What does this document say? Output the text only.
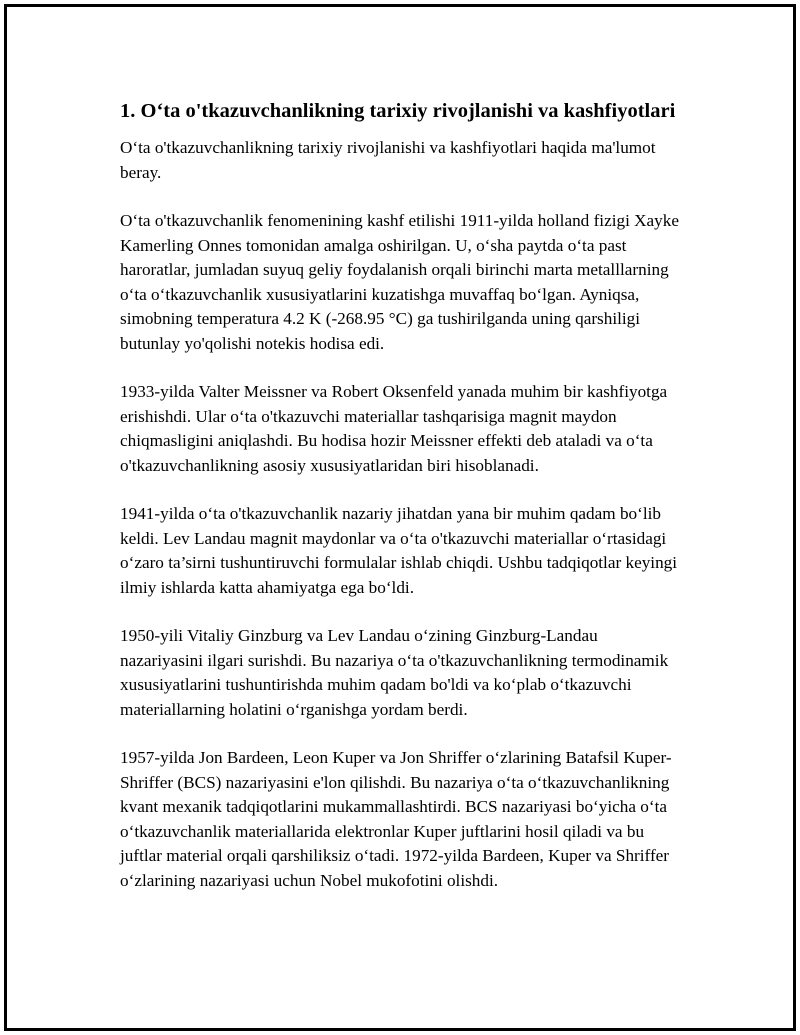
1. O‘ta o'tkazuvchanlikning tarixiy rivojlanishi va kashfiyotlari

O‘ta o'tkazuvchanlikning tarixiy rivojlanishi va kashfiyotlari haqida ma'lumot beray.

O‘ta o'tkazuvchanlik fenomenining kashf etilishi 1911-yilda holland fizigi Xayke Kamerling Onnes tomonidan amalga oshirilgan. U, o‘sha paytda o‘ta past haroratlar, jumladan suyuq geliy foydalanish orqali birinchi marta metalllarning o‘ta o‘tkazuvchanlik xususiyatlarini kuzatishga muvaffaq bo‘lgan. Ayniqsa, simobning temperatura 4.2 K (-268.95 °C) ga tushirilganda uning qarshiligi butunlay yo'qolishi notekis hodisa edi.

1933-yilda Valter Meissner va Robert Oksenfeld yanada muhim bir kashfiyotga erishishdi. Ular o‘ta o'tkazuvchi materiallar tashqarisiga magnit maydon chiqmasligini aniqlashdi. Bu hodisa hozir Meissner effekti deb ataladi va o‘ta o'tkazuvchanlikning asosiy xususiyatlaridan biri hisoblanadi.

1941-yilda o‘ta o'tkazuvchanlik nazariy jihatdan yana bir muhim qadam bo‘lib keldi. Lev Landau magnit maydonlar va o‘ta o'tkazuvchi materiallar o‘rtasidagi o‘zaro ta’sirni tushuntiruvchi formulalar ishlab chiqdi. Ushbu tadqiqotlar keyingi ilmiy ishlarda katta ahamiyatga ega bo‘ldi.

1950-yili Vitaliy Ginzburg va Lev Landau o‘zining Ginzburg-Landau nazariyasini ilgari surishdi. Bu nazariya o‘ta o'tkazuvchanlikning termodinamik xususiyatlarini tushuntirishda muhim qadam bo'ldi va ko‘plab o‘tkazuvchi materiallarning holatini o‘rganishga yordam berdi.

1957-yilda Jon Bardeen, Leon Kuper va Jon Shriffer o‘zlarining Batafsil Kuper-Shriffer (BCS) nazariyasini e'lon qilishdi. Bu nazariya o‘ta o‘tkazuvchanlikning kvant mexanik tadqiqotlarini mukammallashtirdi. BCS nazariyasi bo‘yicha o‘ta o‘tkazuvchanlik materiallarida elektronlar Kuper juftlarini hosil qiladi va bu juftlar material orqali qarshiliksiz o‘tadi. 1972-yilda Bardeen, Kuper va Shriffer o‘zlarining nazariyasi uchun Nobel mukofotini olishdi.
